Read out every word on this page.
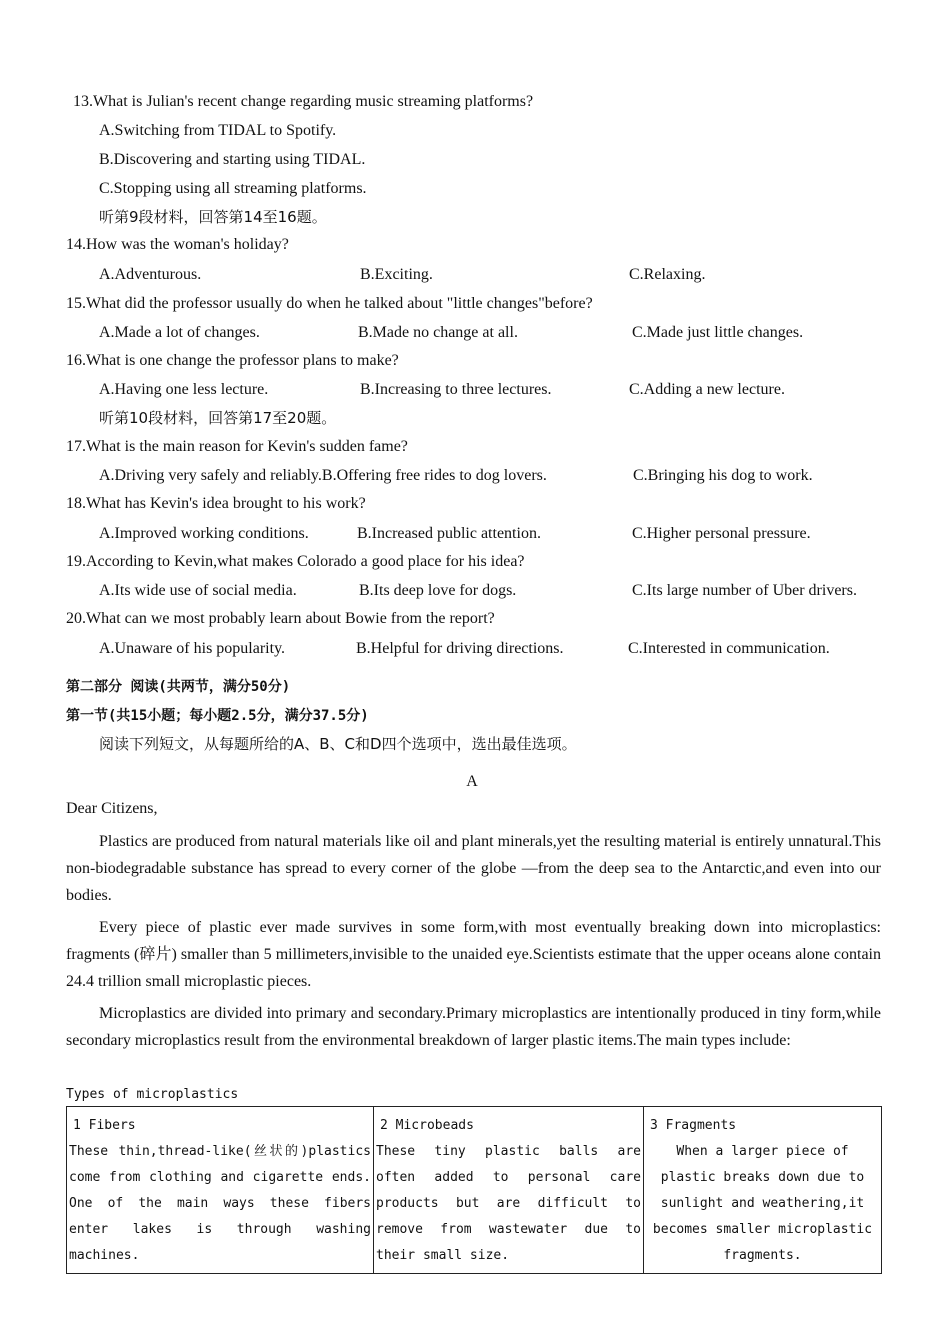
13.What is Julian's recent change regarding music streaming platforms?
A.Switching from TIDAL to Spotify.
B.Discovering and starting using TIDAL.
C.Stopping using all streaming platforms.
听第9段材料，回答第14至16题。
14.How was the woman's holiday?
A.Adventurous.	B.Exciting.	C.Relaxing.
15.What did the professor usually do when he talked about "little changes"before?
A.Made a lot of changes.	B.Made no change at all.	C.Made just little changes.
16.What is one change the professor plans to make?
A.Having one less lecture.	B.Increasing to three lectures.	C.Adding a new lecture.
听第10段材料，回答第17至20题。
17.What is the main reason for Kevin's sudden fame?
A.Driving very safely and reliably.B.Offering free rides to dog lovers.	C.Bringing his dog to work.
18.What has Kevin's idea brought to his work?
A.Improved working conditions.	B.Increased public attention.	C.Higher personal pressure.
19.According to Kevin,what makes Colorado a good place for his idea?
A.Its wide use of social media.	B.Its deep love for dogs.	C.Its large number of Uber drivers.
20.What can we most probably learn about Bowie from the report?
A.Unaware of his popularity.	B.Helpful for driving directions.	C.Interested in communication.
第二部分 阅读(共两节，满分50分)
第一节(共15小题；每小题2.5分，满分37.5分)
阅读下列短文，从每题所给的A、B、C和D四个选项中，选出最佳选项。
A
Dear Citizens,

Plastics are produced from natural materials like oil and plant minerals,yet the resulting material is entirely unnatural.This non-biodegradable substance has spread to every corner of the globe —from the deep sea to the Antarctic,and even into our bodies.

Every piece of plastic ever made survives in some form,with most eventually breaking down into microplastics: fragments (碎片) smaller than 5 millimeters,invisible to the unaided eye.Scientists estimate that the upper oceans alone contain 24.4 trillion small microplastic pieces.

Microplastics are divided into primary and secondary.Primary microplastics are intentionally produced in tiny form,while secondary microplastics result from the environmental breakdown of larger plastic items.The main types include:

Types of microplastics
1 Fibers
These thin,thread-like(丝状的)plastics come from clothing and cigarette ends. One of the main ways these fibers enter lakes is through washing machines.	
2 Microbeads
These tiny plastic balls are often added to personal care products but are difficult to remove from wastewater due to their small size.	
3 Fragments
When a larger piece of plastic breaks down due to sunlight and weathering,it becomes smaller microplastic fragments.
